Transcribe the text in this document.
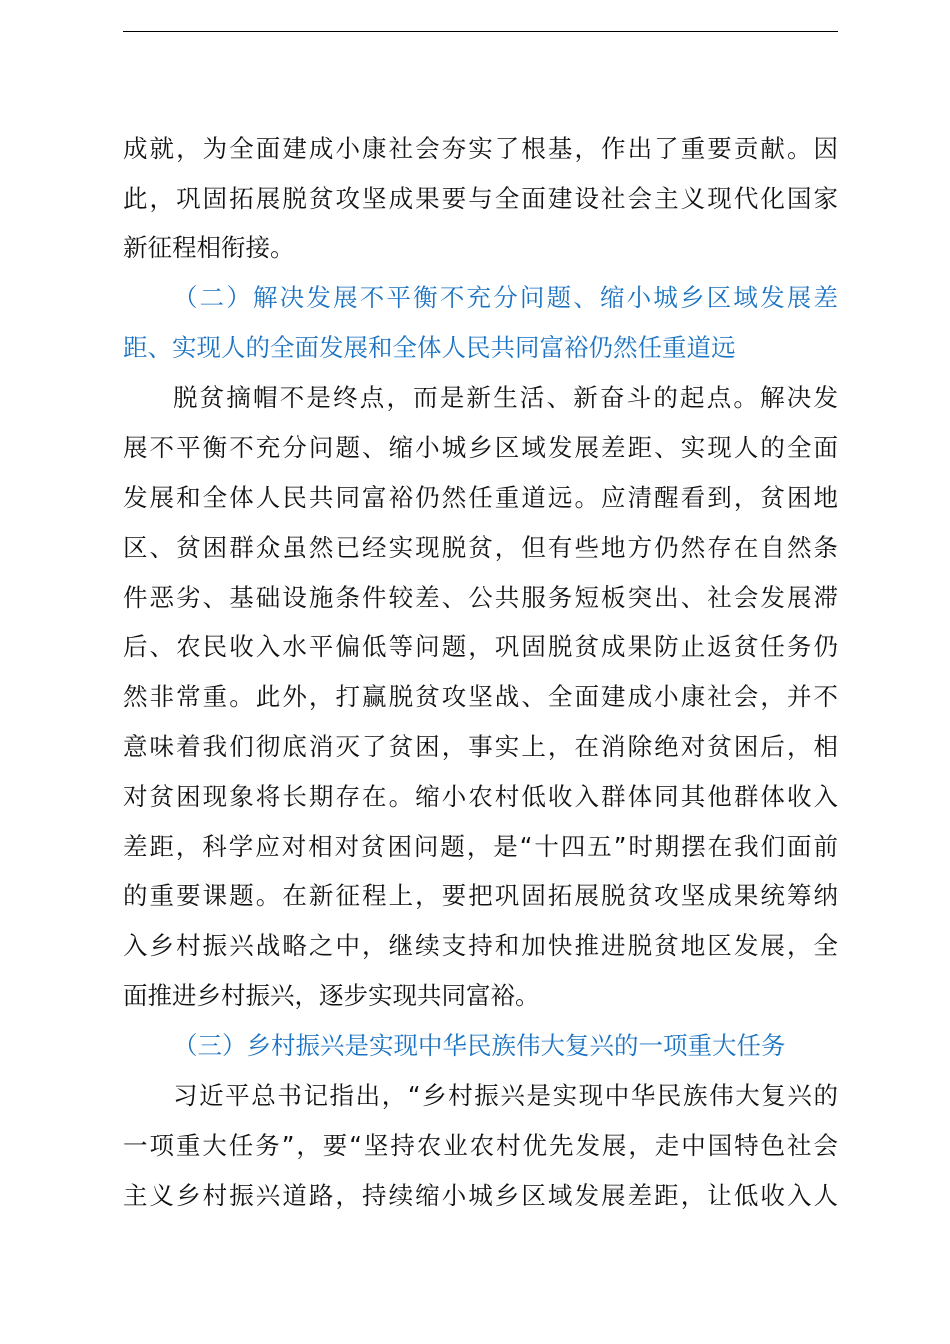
成就，为全面建成小康社会夯实了根基，作出了重要贡献。因
此，巩固拓展脱贫攻坚成果要与全面建设社会主义现代化国家
新征程相衔接。
（二）解决发展不平衡不充分问题、缩小城乡区域发展差
距、实现人的全面发展和全体人民共同富裕仍然任重道远
脱贫摘帽不是终点，而是新生活、新奋斗的起点。解决发
展不平衡不充分问题、缩小城乡区域发展差距、实现人的全面
发展和全体人民共同富裕仍然任重道远。应清醒看到，贫困地
区、贫困群众虽然已经实现脱贫，但有些地方仍然存在自然条
件恶劣、基础设施条件较差、公共服务短板突出、社会发展滞
后、农民收入水平偏低等问题，巩固脱贫成果防止返贫任务仍
然非常重。此外，打赢脱贫攻坚战、全面建成小康社会，并不
意味着我们彻底消灭了贫困，事实上，在消除绝对贫困后，相
对贫困现象将长期存在。缩小农村低收入群体同其他群体收入
差距，科学应对相对贫困问题，是“十四五”时期摆在我们面前
的重要课题。在新征程上，要把巩固拓展脱贫攻坚成果统筹纳
入乡村振兴战略之中，继续支持和加快推进脱贫地区发展，全
面推进乡村振兴，逐步实现共同富裕。
（三）乡村振兴是实现中华民族伟大复兴的一项重大任务
习近平总书记指出，“乡村振兴是实现中华民族伟大复兴的
一项重大任务”，要“坚持农业农村优先发展，走中国特色社会
主义乡村振兴道路，持续缩小城乡区域发展差距，让低收入人
